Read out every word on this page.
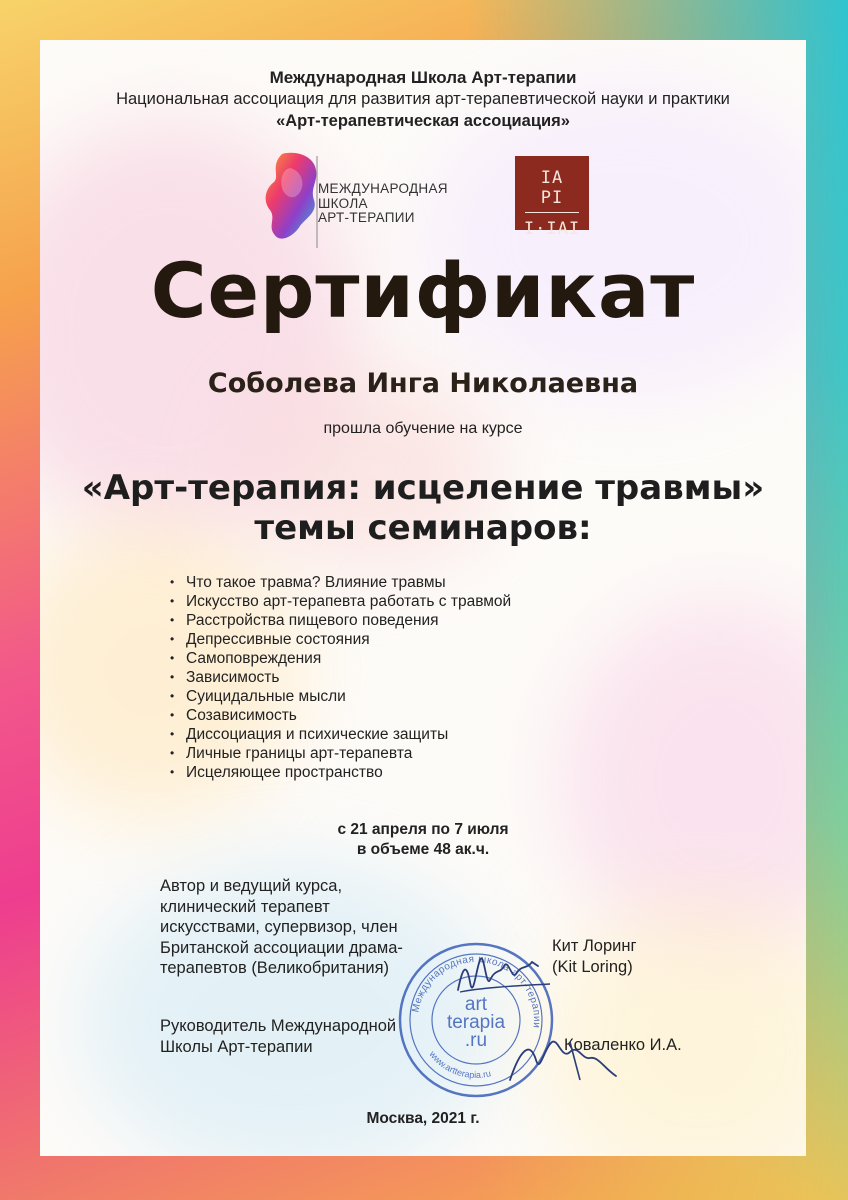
Международная Школа Арт-терапии
Национальная ассоциация для развития арт-терапевтической науки и практики
«Арт-терапевтическая ассоциация»
МЕЖДУНАРОДНАЯ
ШКОЛА
АРТ-ТЕРАПИИ
IA PI
I·IAI
Сертификат
Соболева Инга Николаевна
прошла обучение на курсе
«Арт-терапия: исцеление травмы»
темы семинаров:
• Что такое травма? Влияние травмы
• Искусство арт-терапевта работать с травмой
• Расстройства пищевого поведения
• Депрессивные состояния
• Самоповреждения
• Зависимость
• Суицидальные мысли
• Созависимость
• Диссоциация и психические защиты
• Личные границы арт-терапевта
• Исцеляющее пространство
с 21 апреля по 7 июля
в объеме 48 ак.ч.
Автор и ведущий курса,
клинический терапевт
искусствами, супервизор, член
Британской ассоциации драма-
терапевтов (Великобритания)
Кит Лоринг
(Kit Loring)
Руководитель Международной
Школы Арт-терапии	Коваленко И.А.
Международная школа арт-терапии
www.artterapia.ru
art
terapia
.ru
Москва, 2021 г.
